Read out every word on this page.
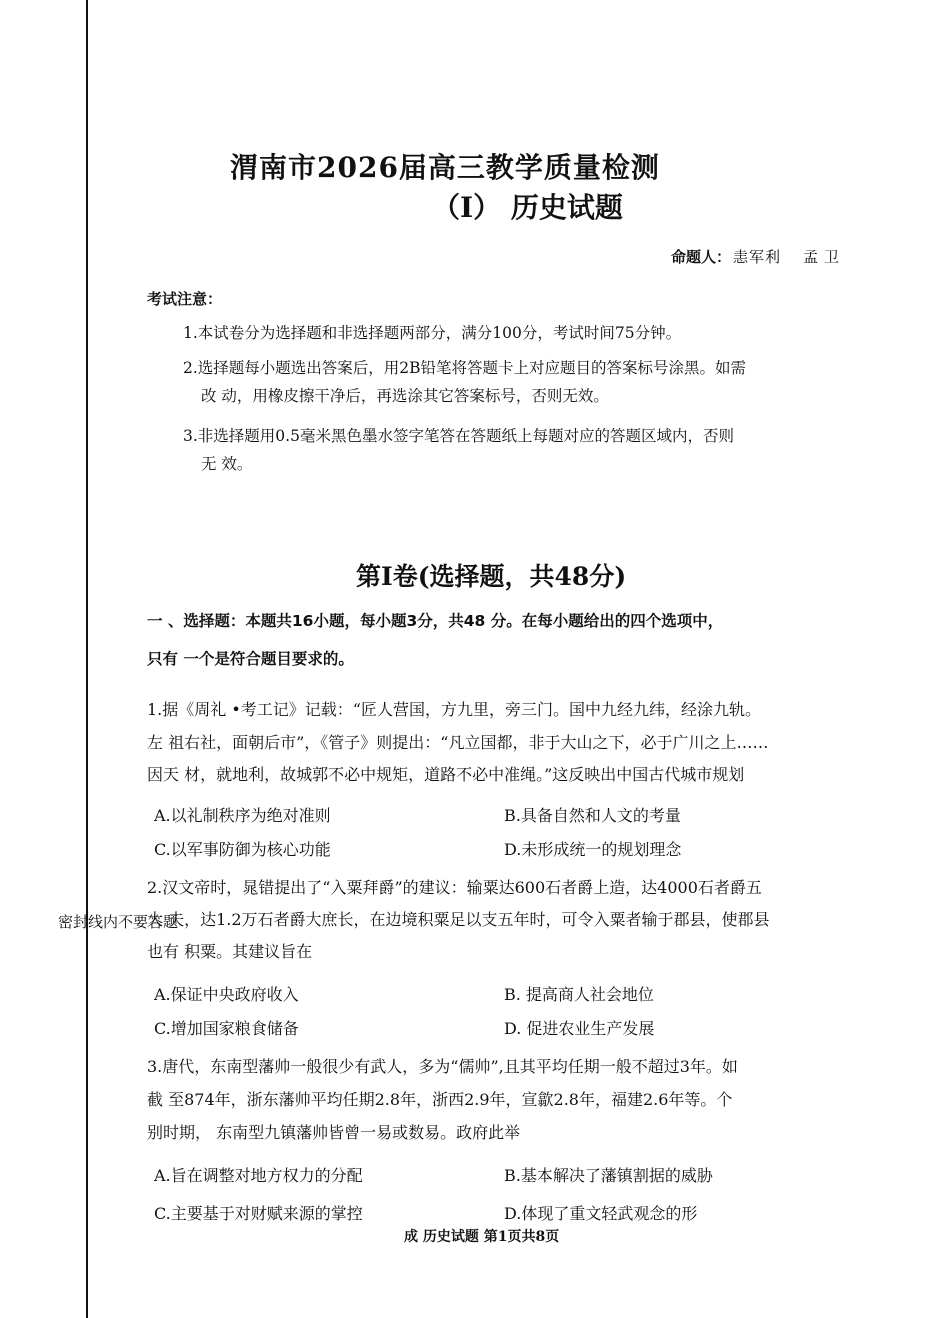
渭南市2026届高三教学质量检测
（I） 历史试题
命题人： 恚军利 孟卫
考试注意：
1.本试卷分为选择题和非选择题两部分，满分100分，考试时间75分钟。
2.选择题每小题选出答案后，用2B铅笔将答题卡上对应题目的答案标号涂黑。如需
改 动，用橡皮擦干净后，再选涂其它答案标号，否则无效。
3.非选择题用0.5毫米黑色墨水签字笔答在答题纸上每题对应的答题区域内，否则
无 效。
第I卷(选择题，共48分)
一 、选择题：本题共16小题，每小题3分，共48 分。在每小题给出的四个选项中，
只有 一个是符合题目要求的。
1.据《周礼 •考工记》记载：“匠人营国，方九里，旁三门。国中九经九纬，经涂九轨。
左 祖右社，面朝后市”，《管子》则提出：“凡立国都，非于大山之下，必于广川之上……
因天 材，就地利，故城郭不必中规矩，道路不必中准绳。”这反映出中国古代城市规划
A.以礼制秩序为绝对准则	B.具备自然和人文的考量
C.以军事防御为核心功能	D.未形成统一的规划理念
2.汉文帝时，晁错提出了“入粟拜爵”的建议：输粟达600石者爵上造，达4000石者爵五
大 夫，达1.2万石者爵大庶长，在边境积粟足以支五年时，可令入粟者输于郡县，使郡县
也有 积粟。其建议旨在
A.保证中央政府收入	B. 提高商人社会地位
C.增加国家粮食储备	D. 促进农业生产发展
密封线内不要答题
3.唐代，东南型藩帅一般很少有武人，多为“儒帅”,且其平均任期一般不超过3年。如
截 至874年，浙东藩帅平均任期2.8年，浙西2.9年，宣歙2.8年，福建2.6年等。个
别时期， 东南型九镇藩帅皆曾一易或数易。政府此举
A.旨在调整对地方权力的分配	B.基本解决了藩镇割据的威胁
C.主要基于对财赋来源的掌控	D.体现了重文轻武观念的形
成 历史试题 第1页共8页
